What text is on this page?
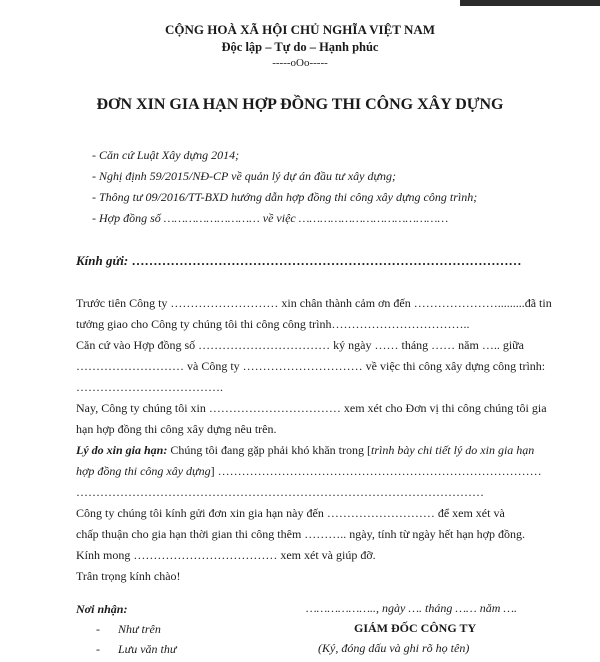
CỘNG HOÀ XÃ HỘI CHỦ NGHĨA VIỆT NAM
Độc lập – Tự do – Hạnh phúc
-----oOo-----
ĐƠN XIN GIA HẠN HỢP ĐỒNG THI CÔNG XÂY DỰNG
- Căn cứ Luật Xây dựng 2014;
- Nghị định 59/2015/NĐ-CP về quản lý dự án đầu tư xây dựng;
- Thông tư 09/2016/TT-BXD hướng dẫn hợp đồng thi công xây dựng công trình;
- Hợp đồng số ……………………… về việc ……………………………………
Kính gửi: ………………………………………………………………………………
Trước tiên Công ty ……………………… xin chân thành cảm ơn đến ………………….........đã tin
tưởng giao cho Công ty chúng tôi thi công công trình……………………………..
Căn cứ vào Hợp đồng số …………………………… ký ngày …… tháng …… năm ….. giữa
……………………… và Công ty ………………………… về việc thi công xây dựng công trình:
……………………………….
Nay, Công ty chúng tôi xin …………………………… xem xét cho Đơn vị thi công chúng tôi gia
hạn hợp đồng thi công xây dựng nêu trên.
Lý do xin gia hạn: Chúng tôi đang gặp phải khó khăn trong [trình bày chi tiết lý do xin gia hạn
hợp đồng thi công xây dựng] ………………………………………………………………………
…………………………………………………………………………………………
Công ty chúng tôi kính gửi đơn xin gia hạn này đến ……………………… để xem xét và
chấp thuận cho gia hạn thời gian thi công thêm ……….. ngày, tính từ ngày hết hạn hợp đồng.
Kính mong ……………………………… xem xét và giúp đỡ.
Trân trọng kính chào!
Nơi nhận:
-      Như trên
-      Lưu văn thư
……………….., ngày …. tháng …… năm ….
GIÁM ĐỐC CÔNG TY
(Ký, đóng dấu và ghi rõ họ tên)
